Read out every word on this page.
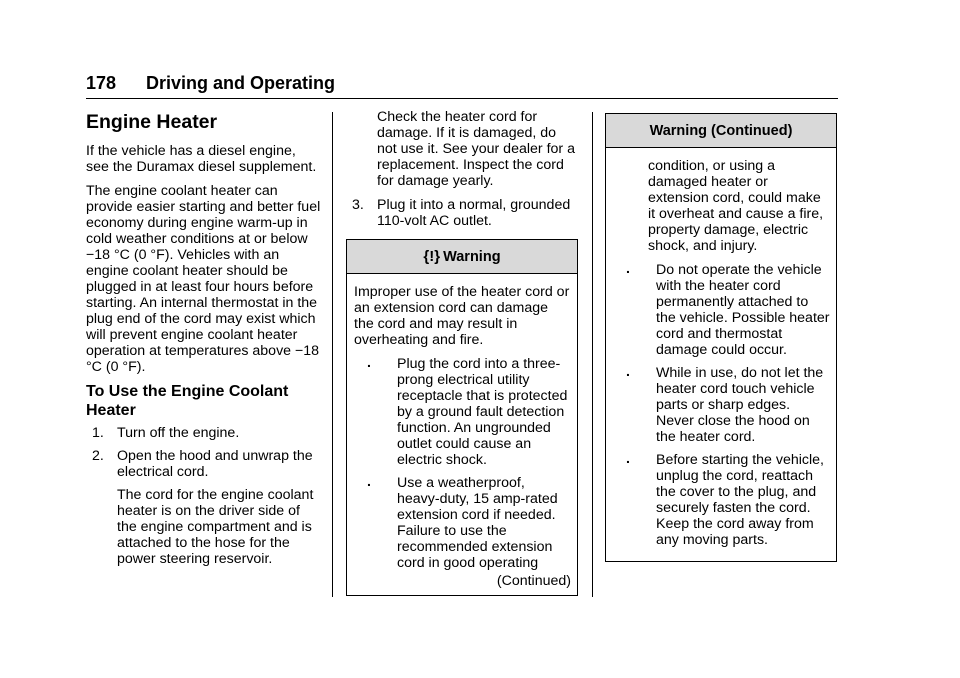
178 Driving and Operating
Engine Heater

If the vehicle has a diesel engine, see the Duramax diesel supplement.

The engine coolant heater can provide easier starting and better fuel economy during engine warm-up in cold weather conditions at or below −18 °C (0 °F). Vehicles with an engine coolant heater should be plugged in at least four hours before starting. An internal thermostat in the plug end of the cord may exist which will prevent engine coolant heater operation at temperatures above −18 °C (0 °F).

To Use the Engine Coolant Heater
1. Turn off the engine.
2. Open the hood and unwrap the electrical cord.

The cord for the engine coolant heater is on the driver side of the engine compartment and is attached to the hose for the power steering reservoir.

Check the heater cord for damage. If it is damaged, do not use it. See your dealer for a replacement. Inspect the cord for damage yearly.

3. Plug it into a normal, grounded 110-volt AC outlet.
{!} Warning

Improper use of the heater cord or an extension cord can damage the cord and may result in overheating and fire.

. Plug the cord into a three-prong electrical utility receptacle that is protected by a ground fault detection function. An ungrounded outlet could cause an electric shock.
. Use a weatherproof, heavy-duty, 15 amp-rated extension cord if needed. Failure to use the recommended extension cord in good operating
(Continued)
Warning (Continued)

condition, or using a damaged heater or extension cord, could make it overheat and cause a fire, property damage, electric shock, and injury.

. Do not operate the vehicle with the heater cord permanently attached to the vehicle. Possible heater cord and thermostat damage could occur.
. While in use, do not let the heater cord touch vehicle parts or sharp edges. Never close the hood on the heater cord.
. Before starting the vehicle, unplug the cord, reattach the cover to the plug, and securely fasten the cord. Keep the cord away from any moving parts.
